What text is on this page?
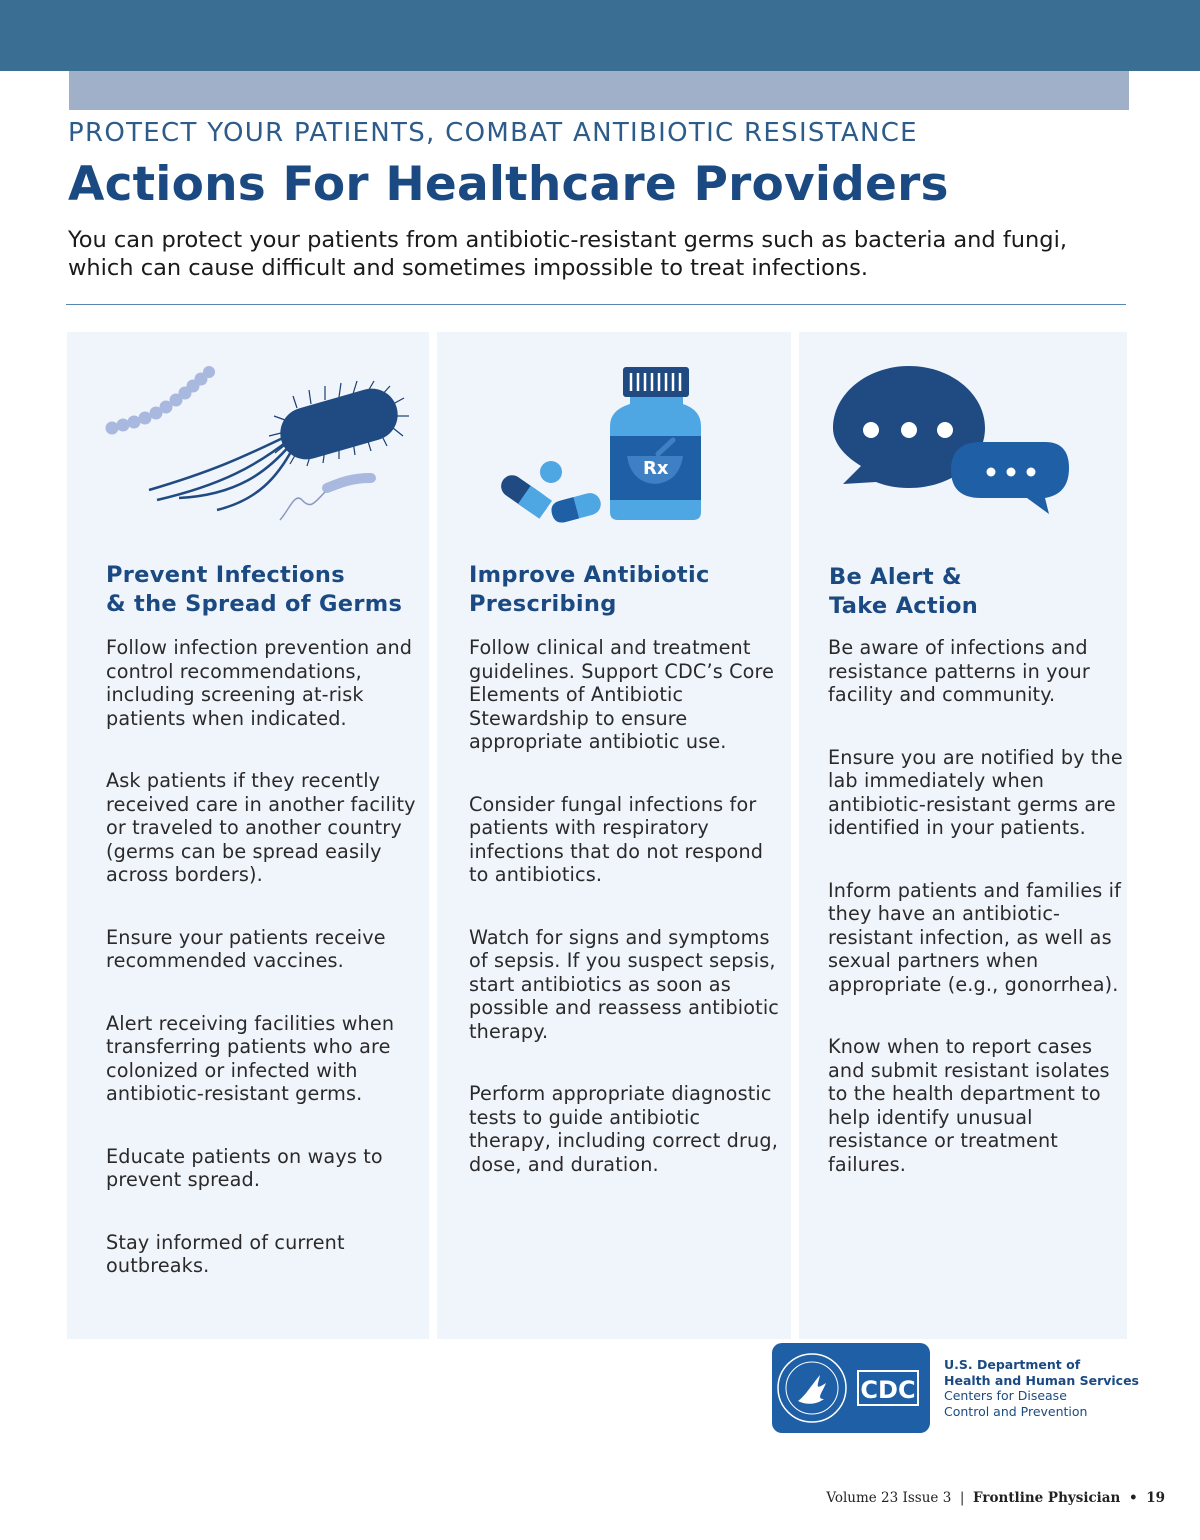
PROTECT YOUR PATIENTS, COMBAT ANTIBIOTIC RESISTANCE
Actions For Healthcare Providers

You can protect your patients from antibiotic-resistant germs such as bacteria and fungi, which can cause difficult and sometimes impossible to treat infections.

Prevent Infections
& the Spread of Germs
Follow infection prevention and control recommendations, including screening at-risk patients when indicated.
Ask patients if they recently received care in another facility or traveled to another country (germs can be spread easily across borders).
Ensure your patients receive recommended vaccines.
Alert receiving facilities when transferring patients who are colonized or infected with antibiotic-resistant germs.
Educate patients on ways to prevent spread.
Stay informed of current outbreaks.
Rx
Improve Antibiotic
Prescribing
Follow clinical and treatment guidelines. Support CDC’s Core Elements of Antibiotic Stewardship to ensure appropriate antibiotic use.
Consider fungal infections for patients with respiratory infections that do not respond to antibiotics.
Watch for signs and symptoms of sepsis. If you suspect sepsis, start antibiotics as soon as possible and reassess antibiotic therapy.
Perform appropriate diagnostic tests to guide antibiotic therapy, including correct drug, dose, and duration.
Be Alert &
Take Action
Be aware of infections and resistance patterns in your facility and community.
Ensure you are notified by the lab immediately when antibiotic-resistant germs are identified in your patients.
Inform patients and families if they have an antibiotic-resistant infection, as well as sexual partners when appropriate (e.g., gonorrhea).
Know when to report cases and submit resistant isolates to the health department to help identify unusual resistance or treatment failures.
CDC
U.S. Department of
Health and Human Services
Centers for Disease
Control and Prevention
Volume 23 Issue 3 | Frontline Physician • 19
